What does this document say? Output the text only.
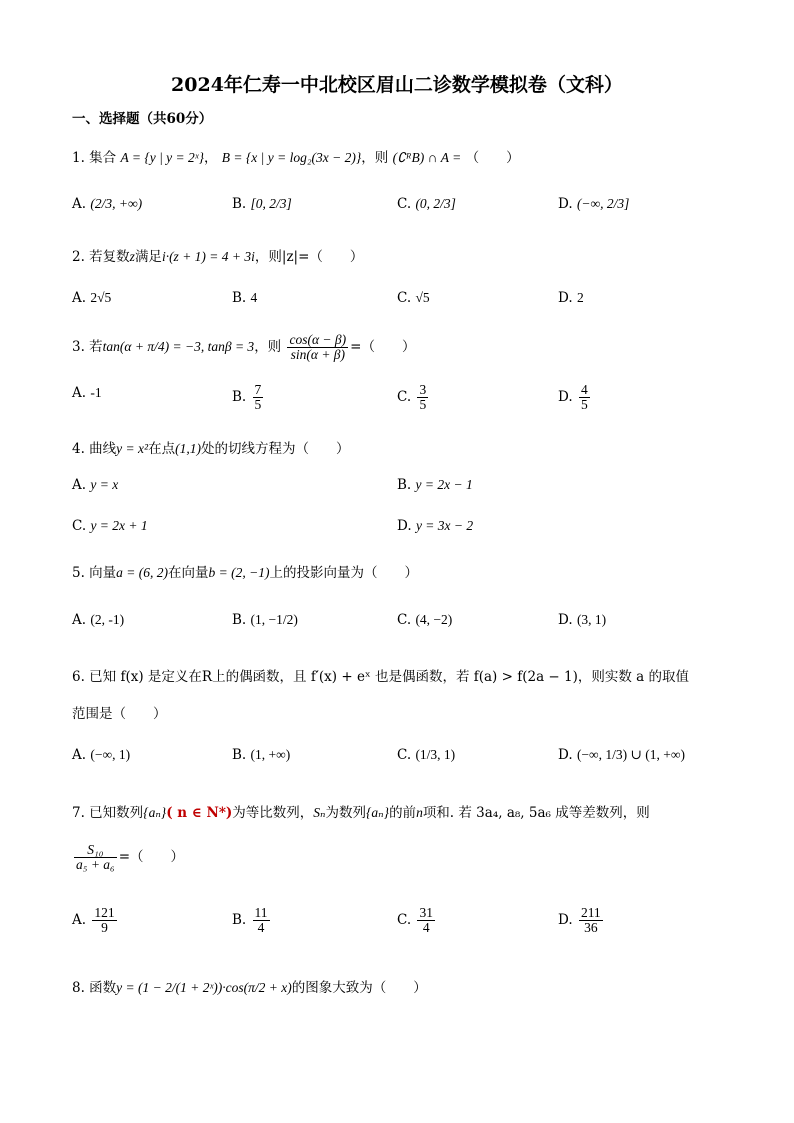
2024年仁寿一中北校区眉山二诊数学模拟卷（文科）
一、选择题（共60分）
1. 集合 A = {y | y = 2ˣ}， B = {x | y = log₂(3x − 2)}，则 (∁ᴿB) ∩ A = （　　）
A. (2/3, +∞)	B. [0, 2/3]	C. (0, 2/3]	D. (−∞, 2/3]
2. 若复数z满足i·(z + 1) = 4 + 3i，则|z|=（　　）
A. 2√5	B. 4	C. √5	D. 2
3. 若tan(α + π/4) = −3, tanβ = 3，则 $\frac{\cos(\alpha - \beta)}{\sin(\alpha + \beta)}$ =（　　）
A. -1	B. $\frac{7}{5}$	C. $\frac{3}{5}$	D. $\frac{4}{5}$
4. 曲线y = x²在点(1,1)处的切线方程为（　　）
A. y = x	B. y = 2x − 1
C. y = 2x + 1	D. y = 3x − 2
5. 向量a = (6, 2)在向量b = (2, −1)上的投影向量为（　　）
A. (2, -1)	B. (1, −1/2)	C. (4, −2)	D. (3, 1)
6. 已知 f(x) 是定义在R上的偶函数，且 f′(x) + eˣ 也是偶函数，若 f(a) > f(2a − 1)，则实数 a 的取值
范围是（　　）
A. (−∞, 1)	B. (1, +∞)	C. (1/3, 1)	D. (−∞, 1/3) ∪ (1, +∞)
7. 已知数列{aₙ}( n ∈ N*)为等比数列，Sₙ为数列{aₙ}的前n项和. 若 3a₄, a₈, 5a₆ 成等差数列，则
$\frac{\text{S₁₀}}{\text{a₅ + a₆}}$ =（　　）
A. $\frac{121}{9}$	B. $\frac{11}{4}$	C. $\frac{31}{4}$	D. $\frac{211}{36}$
8. 函数y = (1 − 2/(1 + 2ˣ))·cos(π/2 + x)的图象大致为（　　）
